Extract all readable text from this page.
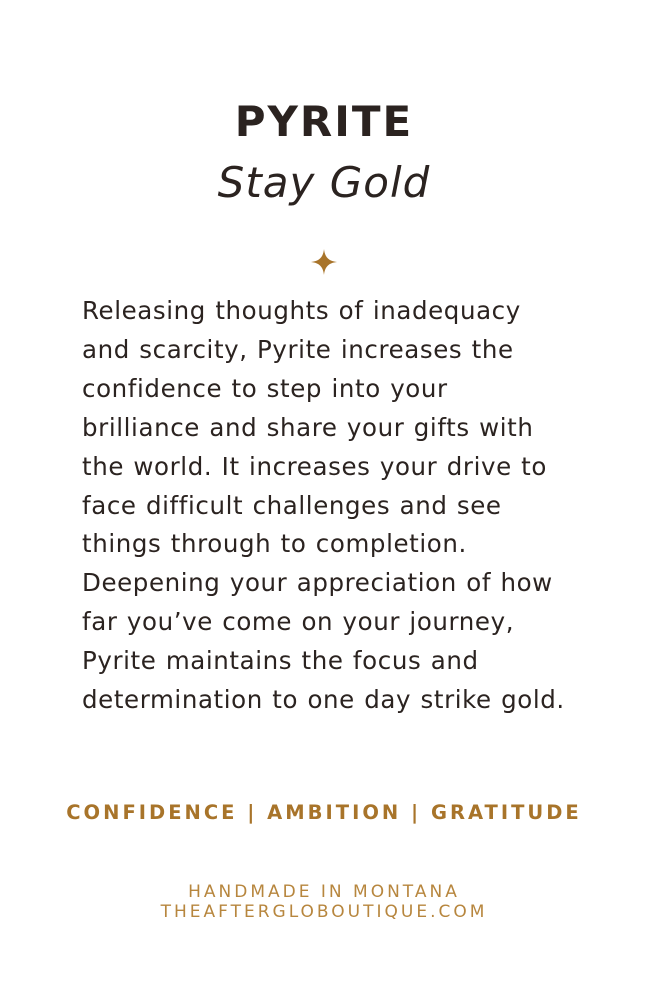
PYRITE
Stay Gold

Releasing thoughts of inadequacy and scarcity, Pyrite increases the confidence to step into your brilliance and share your gifts with the world. It increases your drive to face difficult challenges and see things through to completion. Deepening your appreciation of how far you’ve come on your journey, Pyrite maintains the focus and determination to one day strike gold.

CONFIDENCE | AMBITION | GRATITUDE
HANDMADE IN MONTANA
THEAFTERGLOBOUTIQUE.COM
